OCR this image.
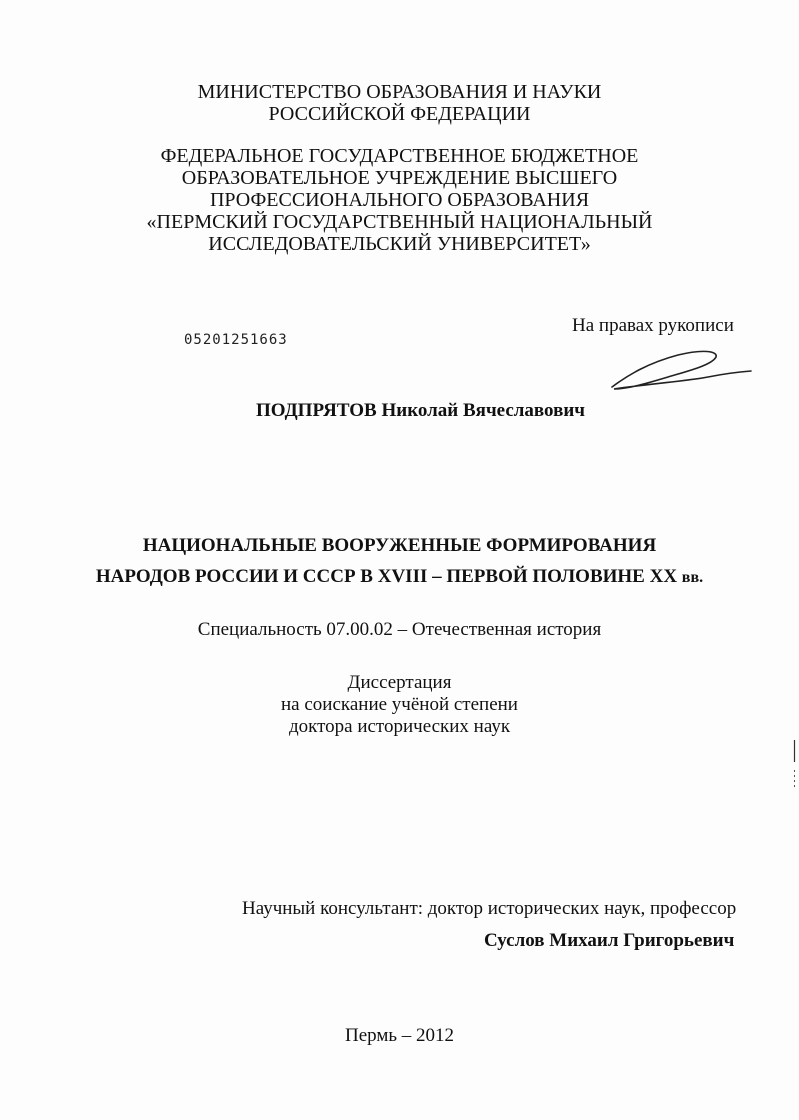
МИНИСТЕРСТВО ОБРАЗОВАНИЯ И НАУКИ
РОССИЙСКОЙ ФЕДЕРАЦИИ
ФЕДЕРАЛЬНОЕ ГОСУДАРСТВЕННОЕ БЮДЖЕТНОЕ
ОБРАЗОВАТЕЛЬНОЕ УЧРЕЖДЕНИЕ ВЫСШЕГО
ПРОФЕССИОНАЛЬНОГО ОБРАЗОВАНИЯ
«ПЕРМСКИЙ ГОСУДАРСТВЕННЫЙ НАЦИОНАЛЬНЫЙ
ИССЛЕДОВАТЕЛЬСКИЙ УНИВЕРСИТЕТ»
На правах рукописи
05201251663
ПОДПРЯТОВ Николай Вячеславович
НАЦИОНАЛЬНЫЕ ВООРУЖЕННЫЕ ФОРМИРОВАНИЯ
НАРОДОВ РОССИИ И СССР В XVIII – ПЕРВОЙ ПОЛОВИНЕ XX вв.
Специальность 07.00.02 – Отечественная история
Диссертация
на соискание учёной степени
доктора исторических наук
Научный консультант: доктор исторических наук, профессор
Суслов Михаил Григорьевич
Пермь – 2012
